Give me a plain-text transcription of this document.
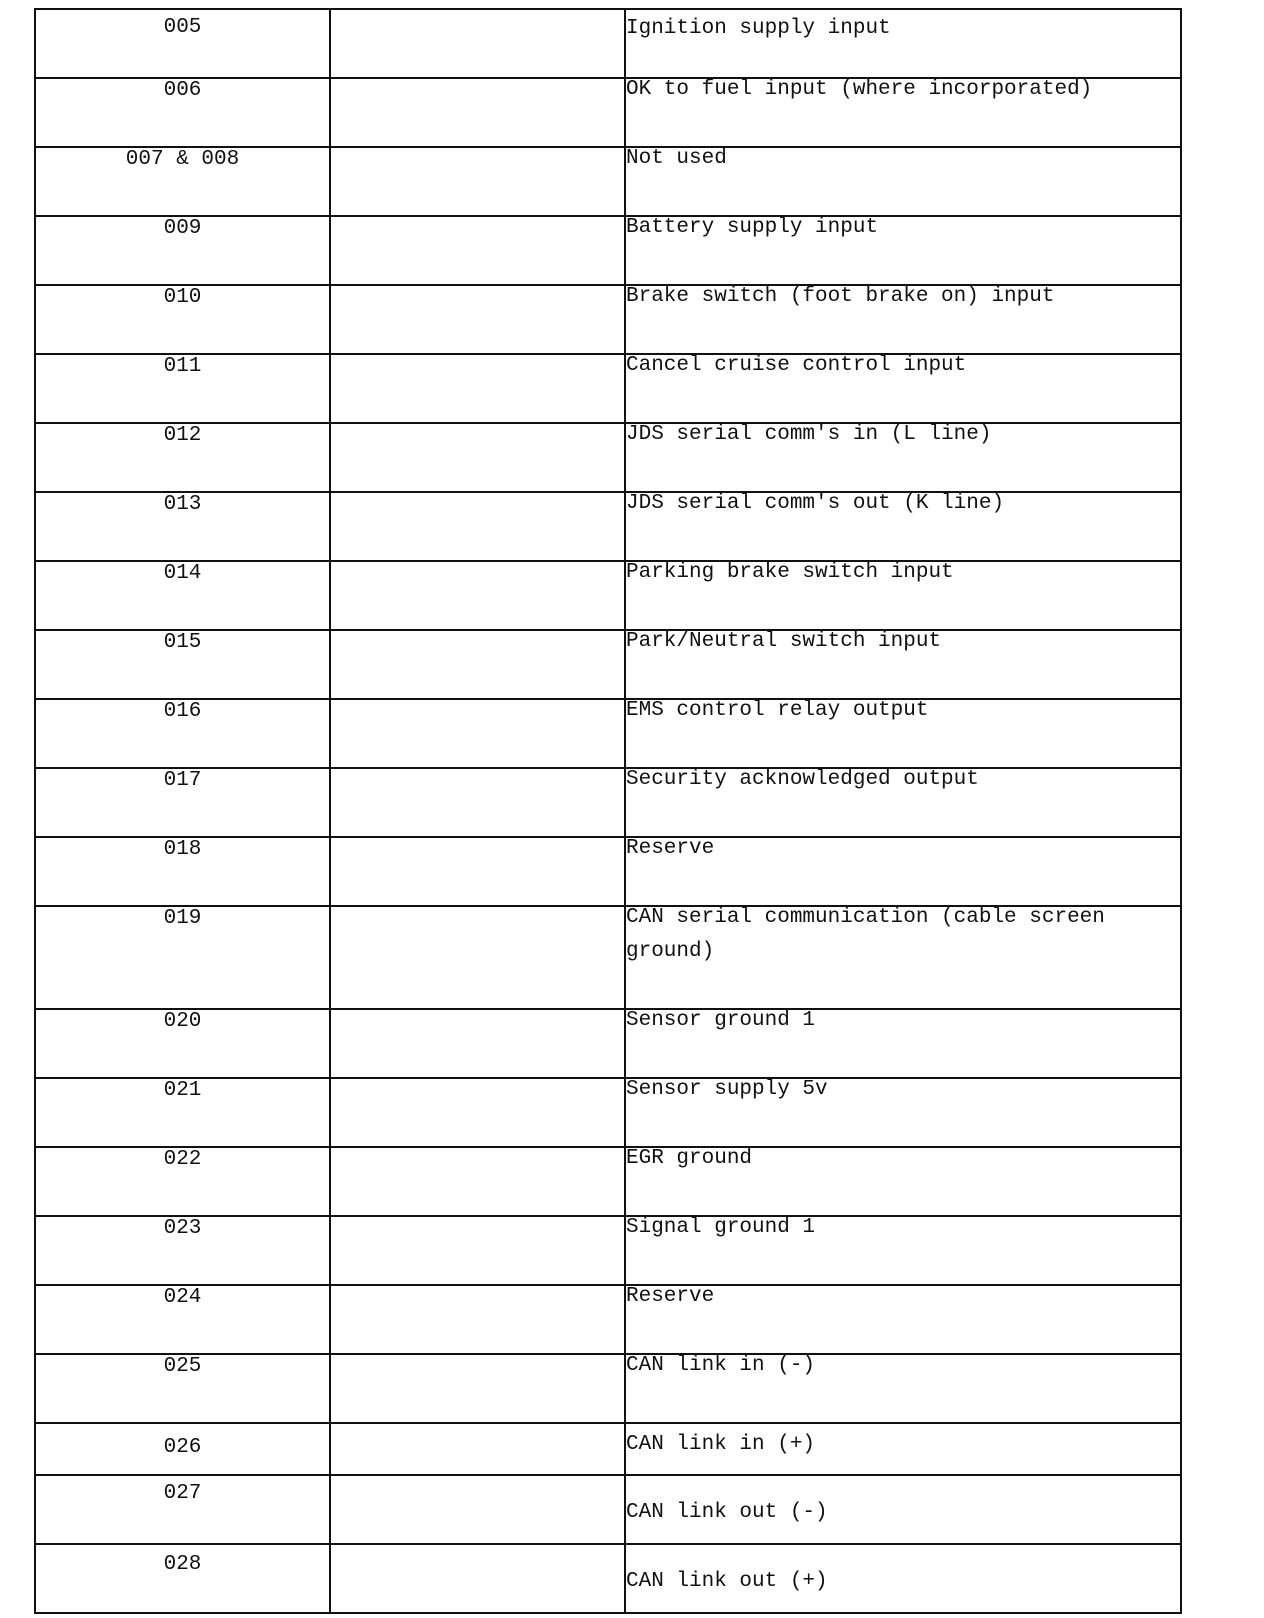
005		Ignition supply input

006		OK to fuel input (where incorporated)

007 & 008		Not used

009		Battery supply input

010		Brake switch (foot brake on) input

011		Cancel cruise control input

012		JDS serial comm's in (L line)

013		JDS serial comm's out (K line)

014		Parking brake switch input

015		Park/Neutral switch input

016		EMS control relay output

017		Security acknowledged output

018		Reserve

019		CAN serial communication (cable screen ground)

020		Sensor ground 1

021		Sensor supply 5v

022		EGR ground

023		Signal ground 1

024		Reserve

025		CAN link in (-)

026		CAN link in (+)

027		CAN link out (-)

028		CAN link out (+)
